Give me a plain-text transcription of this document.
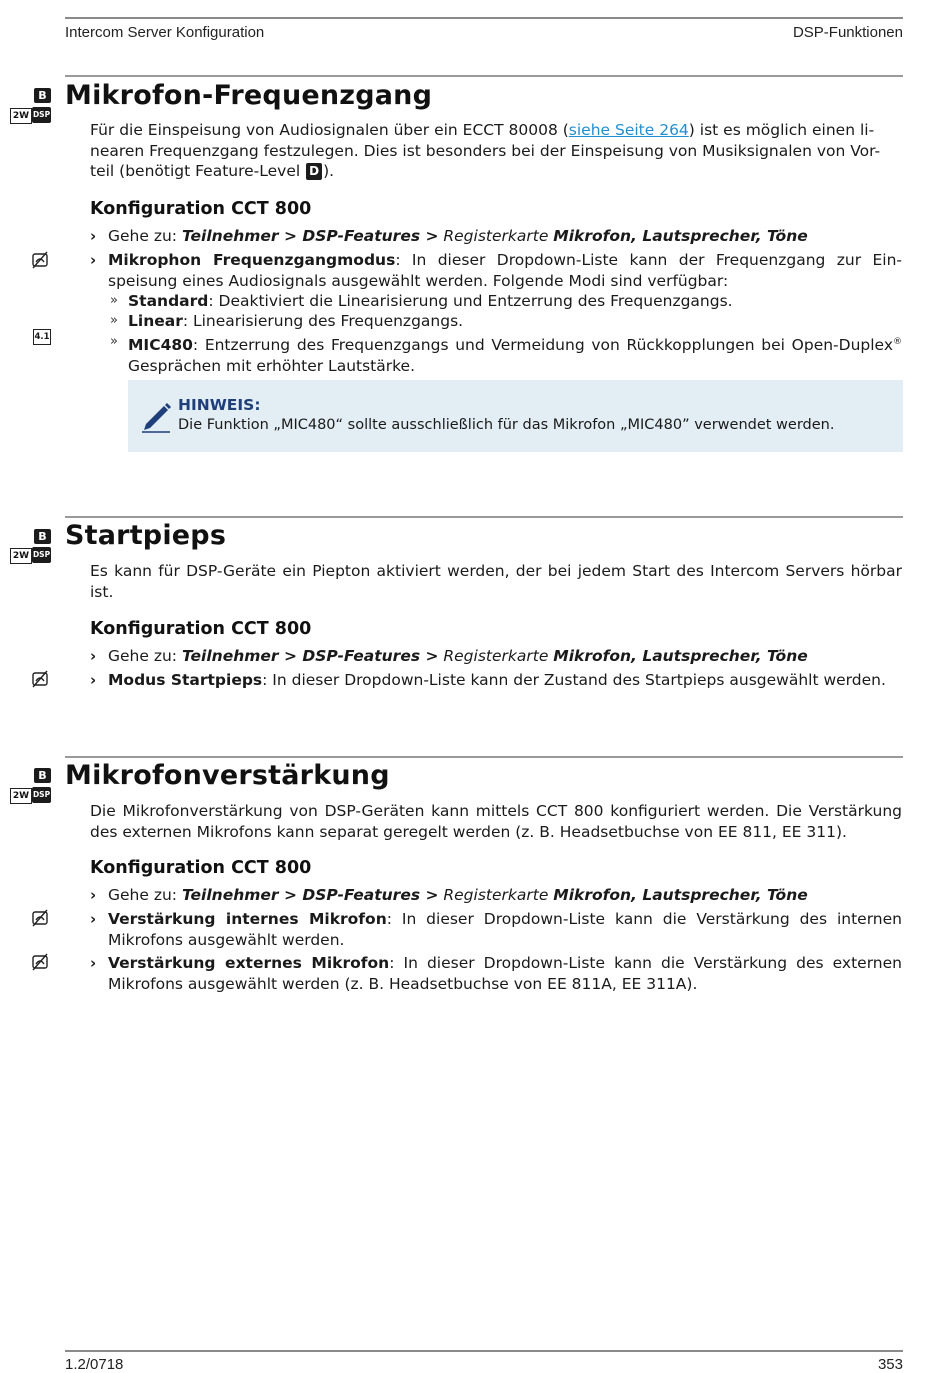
Intercom Server Konfiguration	DSP-Funktionen
B
2W DSP
Mikrofon-Frequenzgang
Für die Einspeisung von Audiosignalen über ein ECCT 80008 (siehe Seite 264) ist es möglich einen li-
nearen Frequenzgang festzulegen. Dies ist besonders bei der Einspeisung von Musiksignalen von Vor-
teil (benötigt Feature-Level D ).
Konfiguration CCT 800
› Gehe zu: Teilnehmer > DSP-Features > Registerkarte Mikrofon, Lautsprecher, Töne
› Mikrophon Frequenzgangmodus: In dieser Dropdown-Liste kann der Frequenzgang zur Ein-speisung eines Audiosignals ausgewählt werden. Folgende Modi sind verfügbar:
» Standard: Deaktiviert die Linearisierung und Entzerrung des Frequenzgangs.
» Linear: Linearisierung des Frequenzgangs.
4.1	» MIC480: Entzerrung des Frequenzgangs und Vermeidung von Rückkopplungen bei Open-Duplex® Gesprächen mit erhöhter Lautstärke.
HINWEIS:
Die Funktion „MIC480“ sollte ausschließlich für das Mikrofon „MIC480” verwendet werden.
B
2W DSP
Startpieps
Es kann für DSP-Geräte ein Piepton aktiviert werden, der bei jedem Start des Intercom Servers hörbar ist.
Konfiguration CCT 800
› Gehe zu: Teilnehmer > DSP-Features > Registerkarte Mikrofon, Lautsprecher, Töne
› Modus Startpieps: In dieser Dropdown-Liste kann der Zustand des Startpieps ausgewählt werden.
B
2W DSP
Mikrofonverstärkung
Die Mikrofonverstärkung von DSP-Geräten kann mittels CCT 800 konfiguriert werden. Die Verstärkung des externen Mikrofons kann separat geregelt werden (z. B. Headsetbuchse von EE 811, EE 311).
Konfiguration CCT 800
› Gehe zu: Teilnehmer > DSP-Features > Registerkarte Mikrofon, Lautsprecher, Töne
› Verstärkung internes Mikrofon: In dieser Dropdown-Liste kann die Verstärkung des internen Mikrofons ausgewählt werden.
› Verstärkung externes Mikrofon: In dieser Dropdown-Liste kann die Verstärkung des externen Mikrofons ausgewählt werden (z. B. Headsetbuchse von EE 811A, EE 311A).
1.2/0718	353
